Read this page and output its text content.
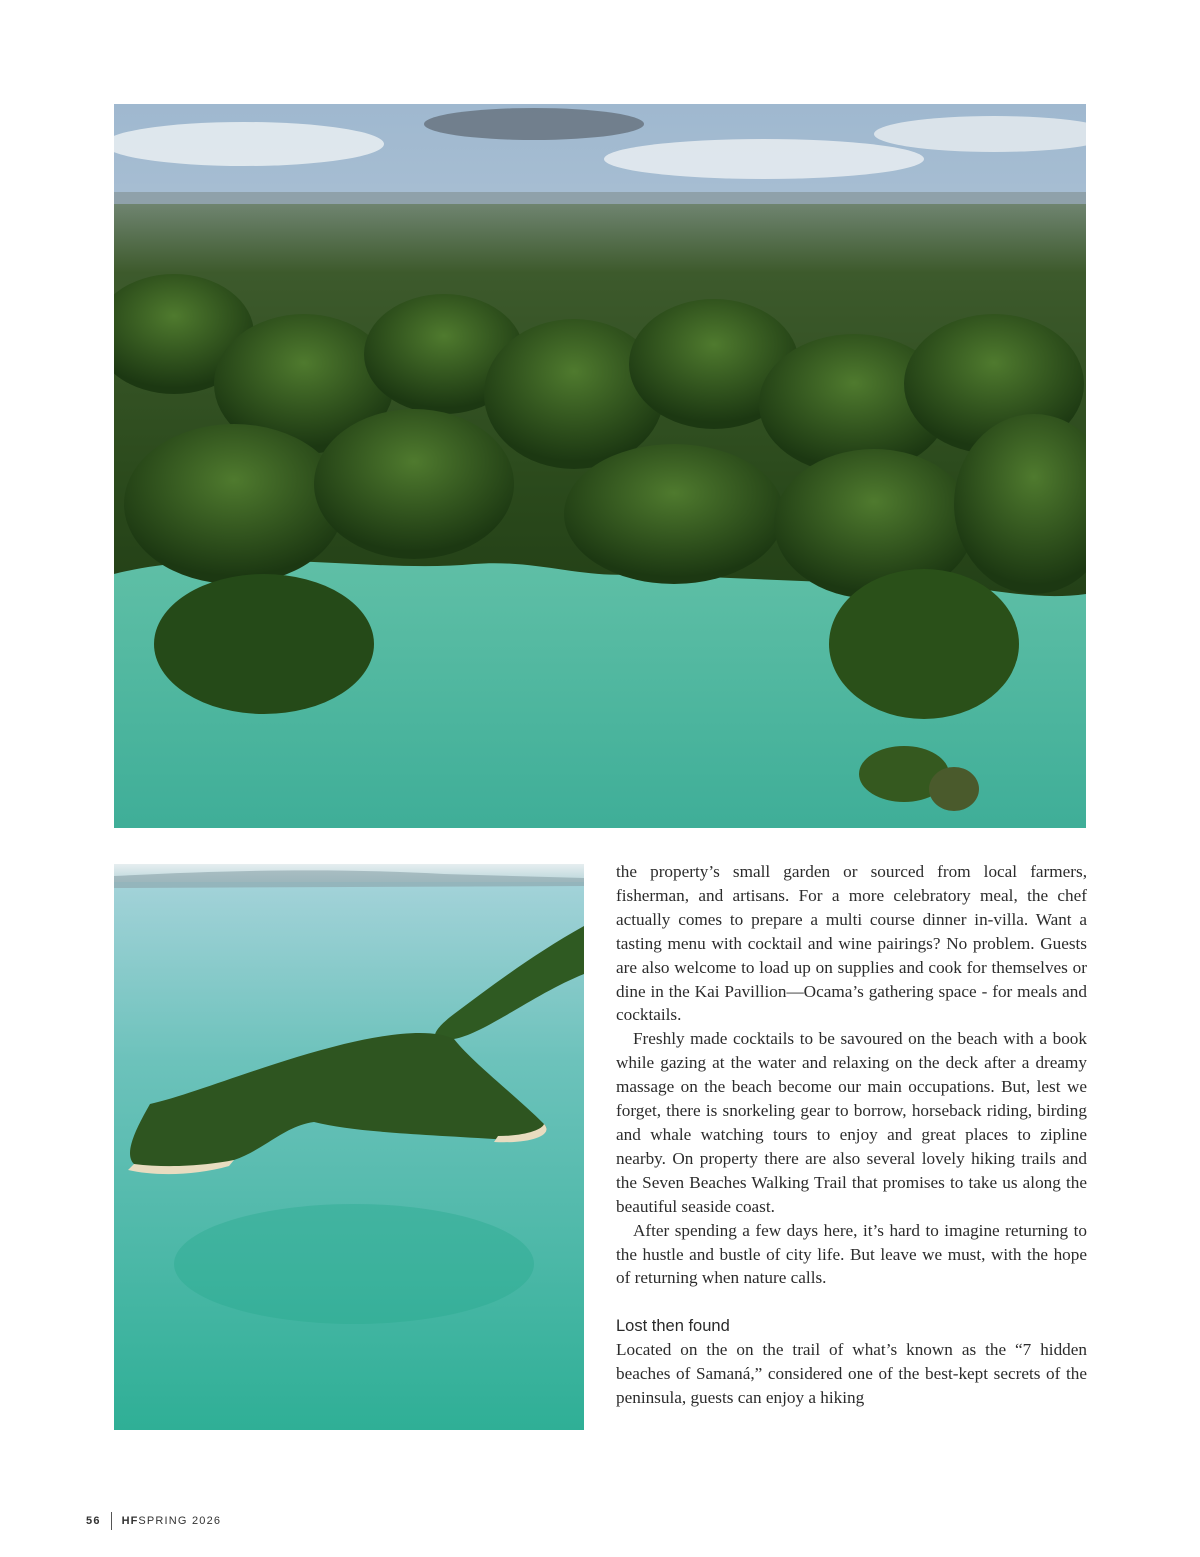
the property’s small garden or sourced from local farmers, fisherman, and artisans. For a more celebratory meal, the chef actually comes to prepare a multi course dinner in-villa. Want a tasting menu with cocktail and wine pairings? No problem. Guests are also welcome to load up on supplies and cook for themselves or dine in the Kai Pavillion—Ocama’s gathering space - for meals and cocktails.

Freshly made cocktails to be savoured on the beach with a book while gazing at the water and relaxing on the deck after a dreamy massage on the beach become our main occupations. But, lest we forget, there is snorkeling gear to borrow, horseback riding, birding and whale watching tours to enjoy and great places to zipline nearby. On property there are also several lovely hiking trails and the Seven Beaches Walking Trail that promises to take us along the beautiful seaside coast.

After spending a few days here, it’s hard to imagine returning to the hustle and bustle of city life. But leave we must, with the hope of returning when nature calls.

Lost then found

Located on the on the trail of what’s known as the “7 hidden beaches of Samaná,” considered one of the best-kept secrets of the peninsula, guests can enjoy a hiking

56 HF SPRING 2026
